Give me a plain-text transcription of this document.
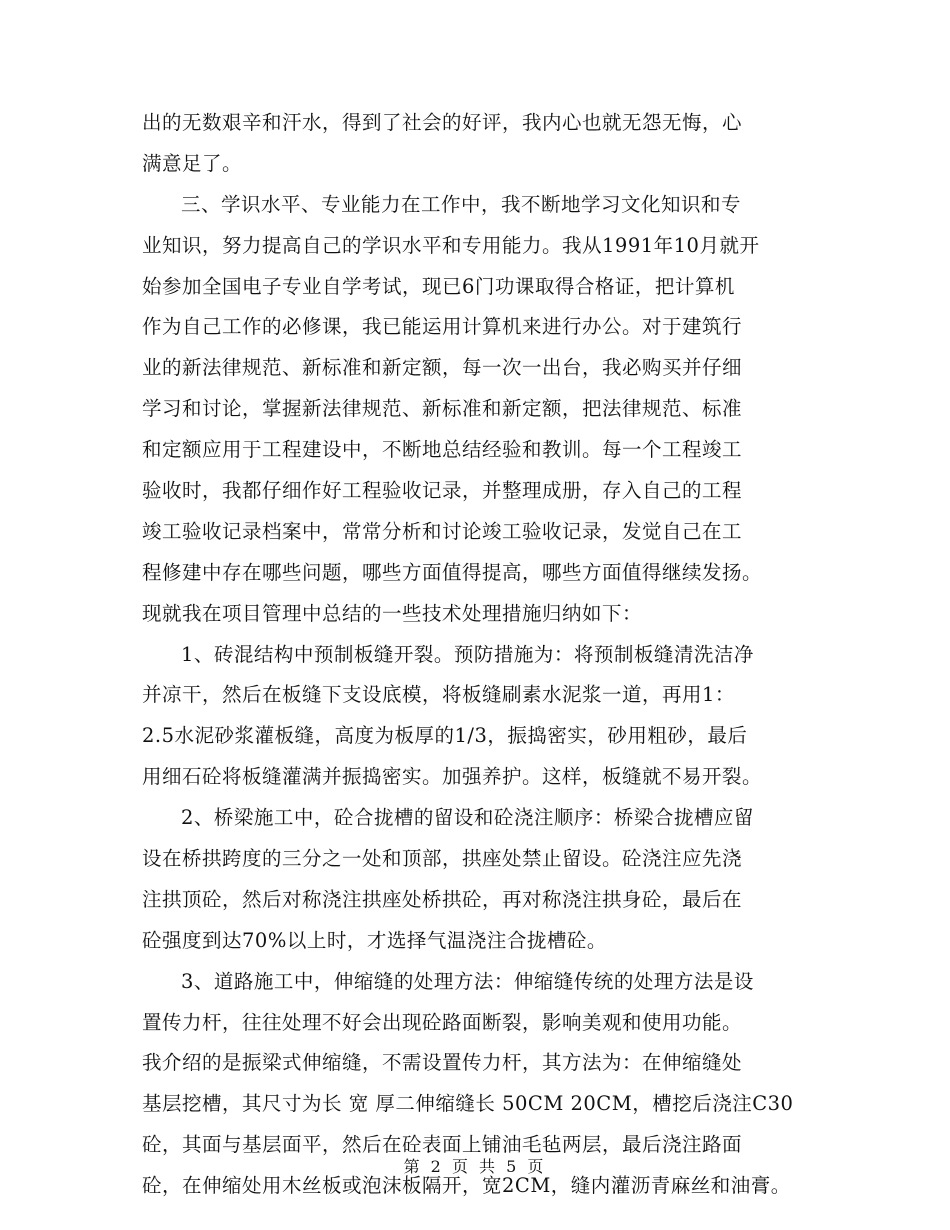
出的无数艰辛和汗水，得到了社会的好评，我内心也就无怨无悔，心
满意足了。
三、学识水平、专业能力在工作中，我不断地学习文化知识和专
业知识，努力提高自己的学识水平和专用能力。我从1991年10月就开
始参加全国电子专业自学考试，现已6门功课取得合格证，把计算机
作为自己工作的必修课，我已能运用计算机来进行办公。对于建筑行
业的新法律规范、新标准和新定额，每一次一出台，我必购买并仔细
学习和讨论，掌握新法律规范、新标准和新定额，把法律规范、标准
和定额应用于工程建设中，不断地总结经验和教训。每一个工程竣工
验收时，我都仔细作好工程验收记录，并整理成册，存入自己的工程
竣工验收记录档案中，常常分析和讨论竣工验收记录，发觉自己在工
程修建中存在哪些问题，哪些方面值得提高，哪些方面值得继续发扬。
现就我在项目管理中总结的一些技术处理措施归纳如下：
1、砖混结构中预制板缝开裂。预防措施为：将预制板缝清洗洁净
并凉干，然后在板缝下支设底模，将板缝刷素水泥浆一道，再用1：
2.5水泥砂浆灌板缝，高度为板厚的1/3，振捣密实，砂用粗砂，最后
用细石砼将板缝灌满并振捣密实。加强养护。这样，板缝就不易开裂。
2、桥梁施工中，砼合拢槽的留设和砼浇注顺序：桥梁合拢槽应留
设在桥拱跨度的三分之一处和顶部，拱座处禁止留设。砼浇注应先浇
注拱顶砼，然后对称浇注拱座处桥拱砼，再对称浇注拱身砼，最后在
砼强度到达70%以上时，才选择气温浇注合拢槽砼。
3、道路施工中，伸缩缝的处理方法：伸缩缝传统的处理方法是设
置传力杆，往往处理不好会出现砼路面断裂，影响美观和使用功能。
我介绍的是振梁式伸缩缝，不需设置传力杆，其方法为：在伸缩缝处
基层挖槽，其尺寸为长 宽 厚二伸缩缝长 50CM 20CM，槽挖后浇注C30
砼，其面与基层面平，然后在砼表面上铺油毛毡两层，最后浇注路面
砼，在伸缩处用木丝板或泡沫板隔开，宽2CM，缝内灌沥青麻丝和油膏。
第 2 页 共 5 页
